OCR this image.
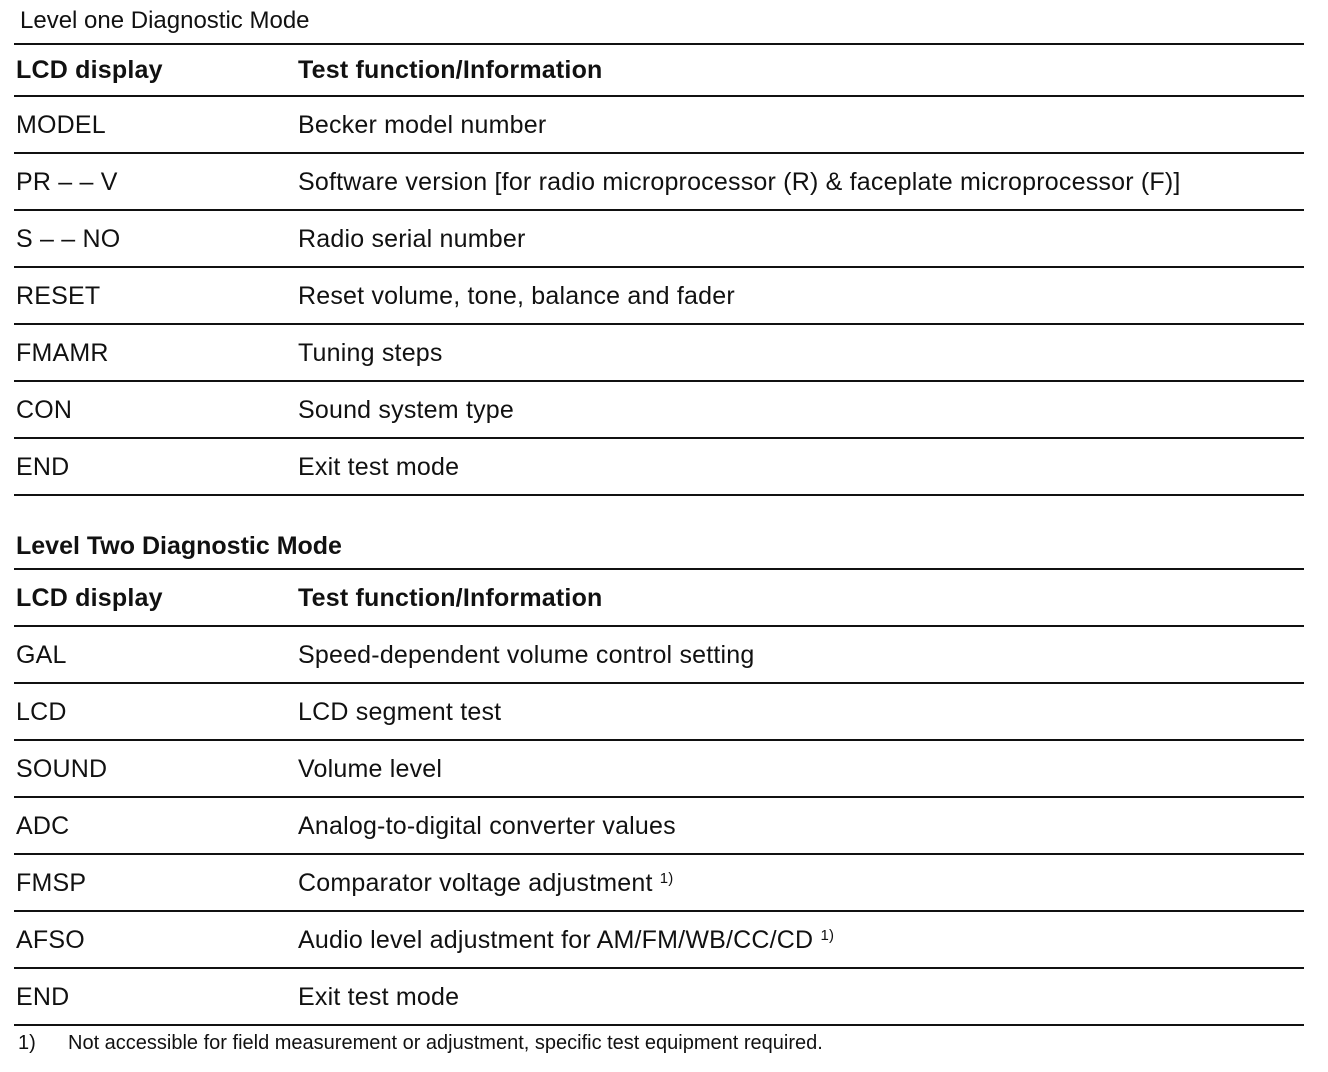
Level one Diagnostic Mode
LCD display	Test function/Information
MODEL	Becker model number
PR – – V	Software version [for radio microprocessor (R) & faceplate microprocessor (F)]
S – – NO	Radio serial number
RESET	Reset volume, tone, balance and fader
FMAMR	Tuning steps
CON	Sound system type
END	Exit test mode
Level Two Diagnostic Mode
LCD display	Test function/Information
GAL	Speed-dependent volume control setting
LCD	LCD segment test
SOUND	Volume level
ADC	Analog-to-digital converter values
FMSP	Comparator voltage adjustment $^{1)}$
AFSO	Audio level adjustment for AM/FM/WB/CC/CD $^{1)}$
END	Exit test mode
1) Not accessible for field measurement or adjustment, specific test equipment required.
